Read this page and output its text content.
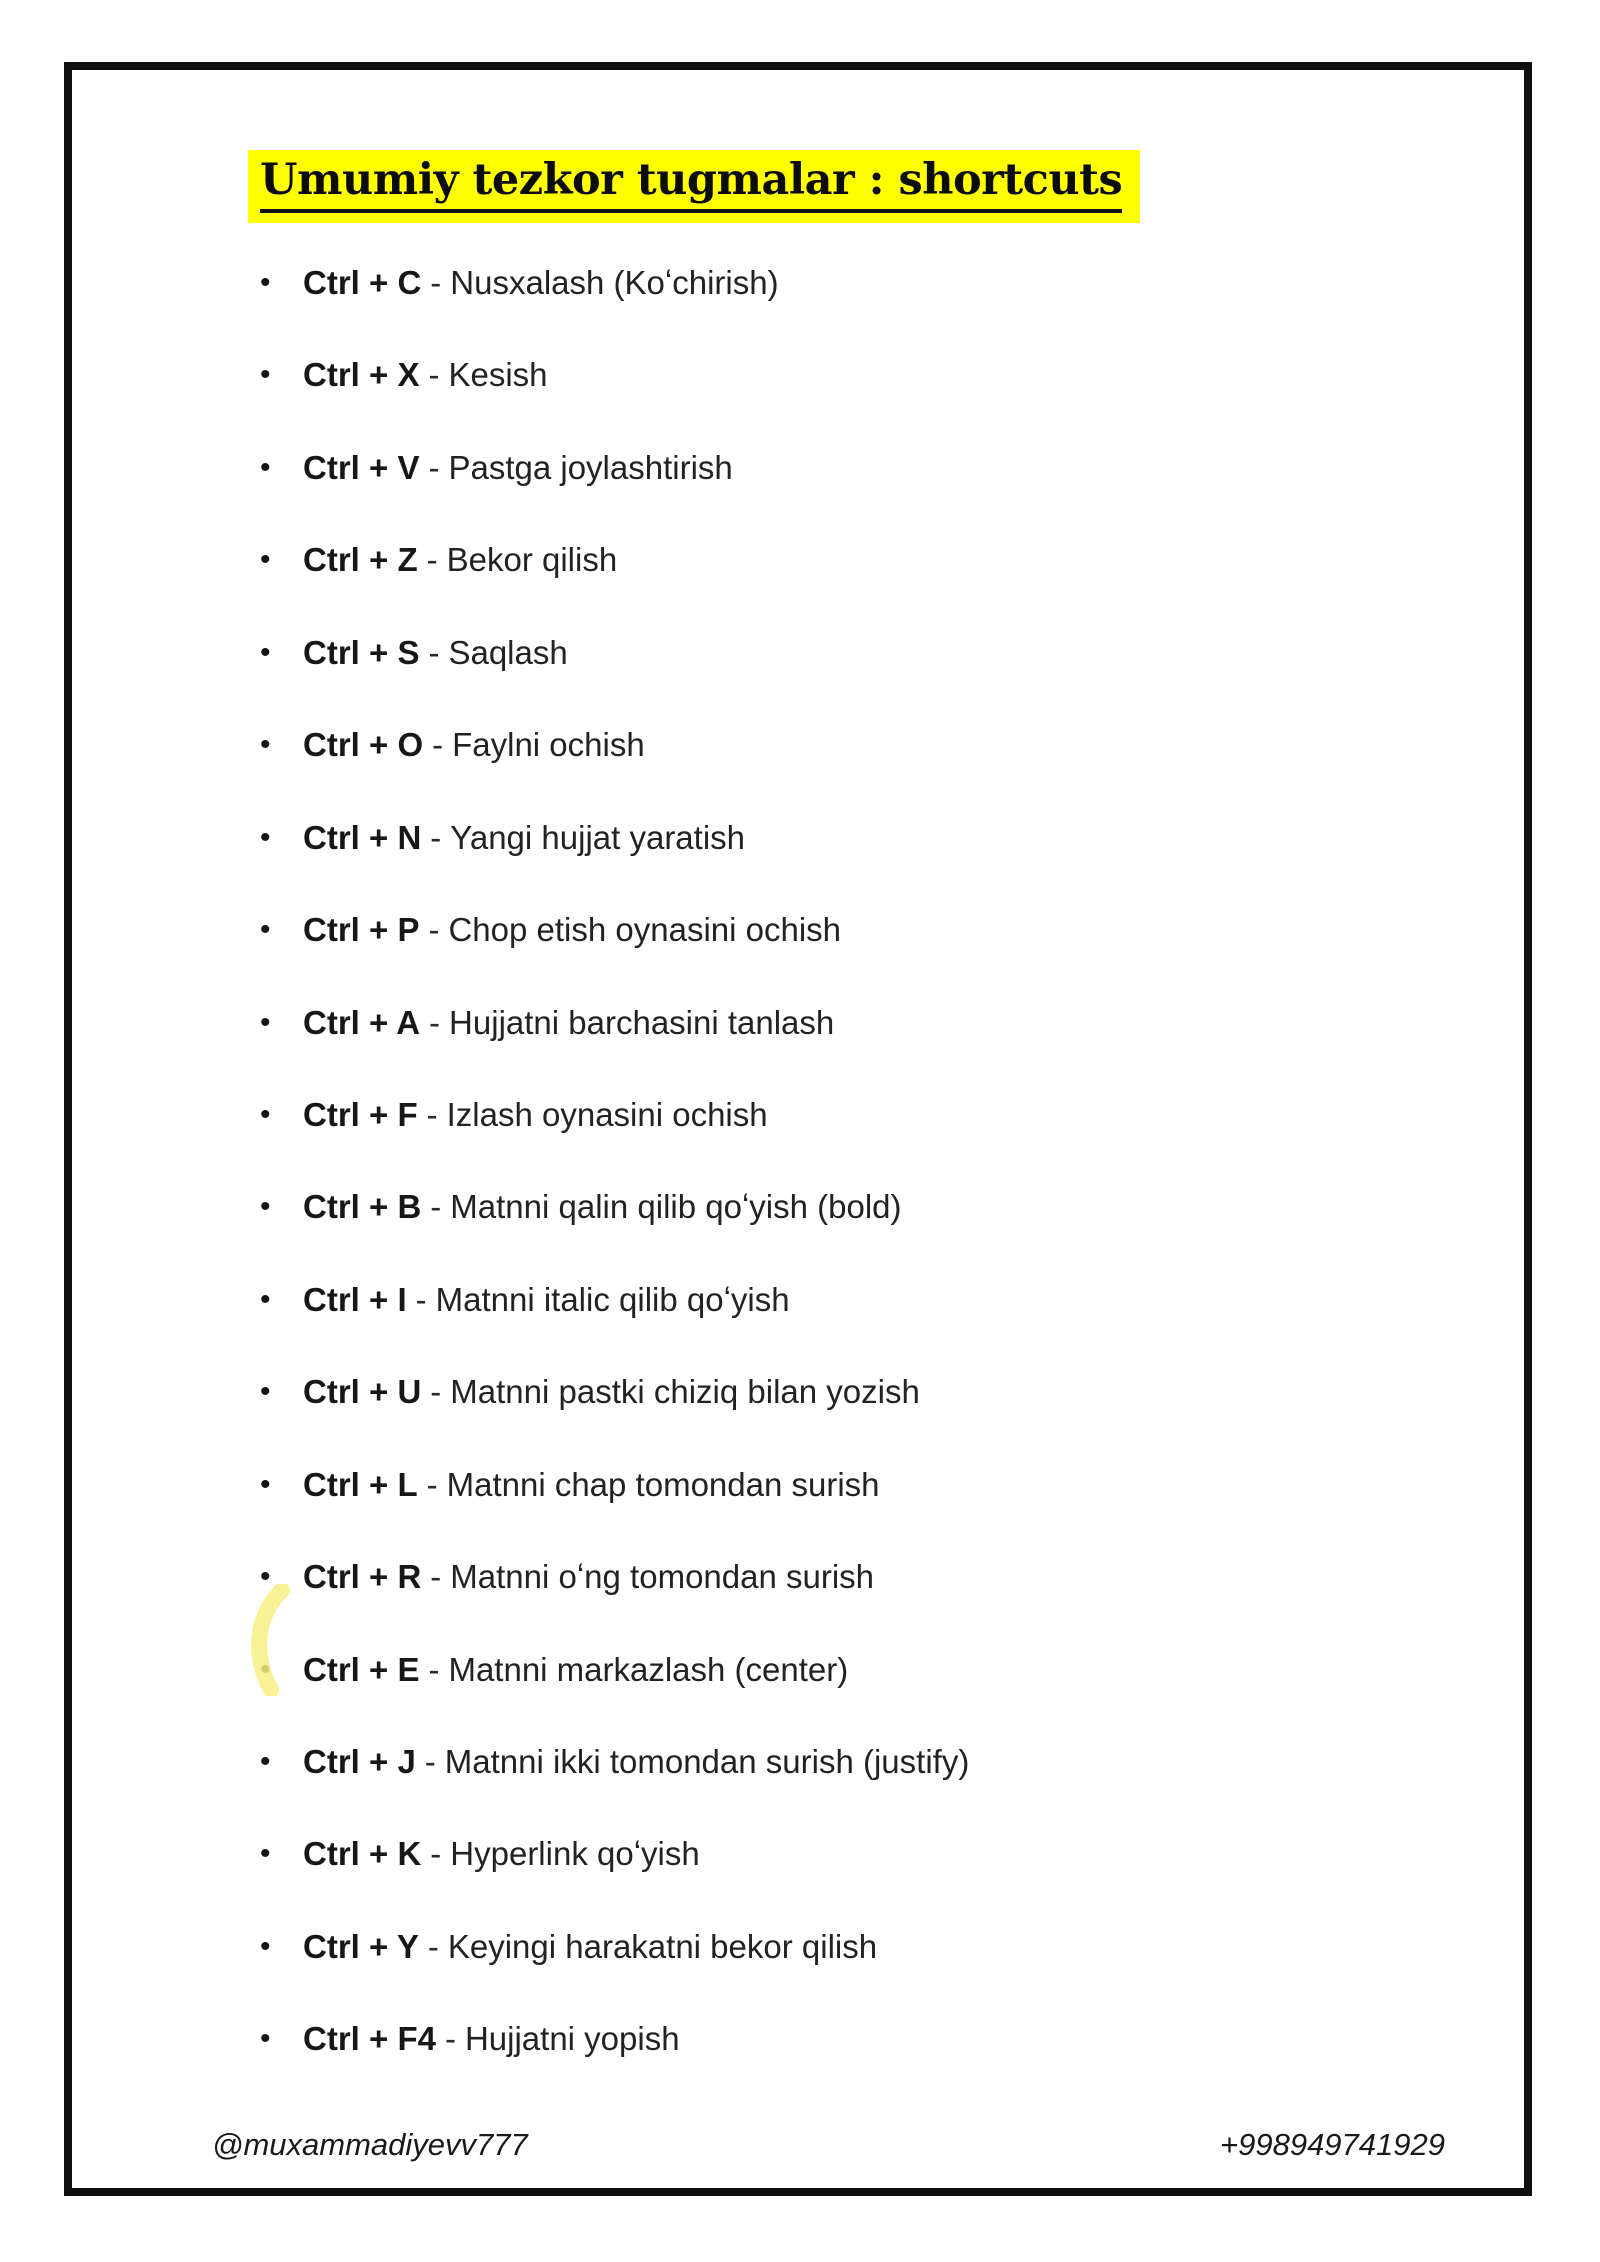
Umumiy tezkor tugmalar : shortcuts
• Ctrl + C - Nusxalash (Koʻchirish)
• Ctrl + X - Kesish
• Ctrl + V - Pastga joylashtirish
• Ctrl + Z - Bekor qilish
• Ctrl + S - Saqlash
• Ctrl + O - Faylni ochish
• Ctrl + N - Yangi hujjat yaratish
• Ctrl + P - Chop etish oynasini ochish
• Ctrl + A - Hujjatni barchasini tanlash
• Ctrl + F - Izlash oynasini ochish
• Ctrl + B - Matnni qalin qilib qoʻyish (bold)
• Ctrl + I - Matnni italic qilib qoʻyish
• Ctrl + U - Matnni pastki chiziq bilan yozish
• Ctrl + L - Matnni chap tomondan surish
• Ctrl + R - Matnni oʻng tomondan surish
• Ctrl + E - Matnni markazlash (center)
• Ctrl + J - Matnni ikki tomondan surish (justify)
• Ctrl + K - Hyperlink qoʻyish
• Ctrl + Y - Keyingi harakatni bekor qilish
• Ctrl + F4 - Hujjatni yopish
@muxammadiyevv777	+998949741929
